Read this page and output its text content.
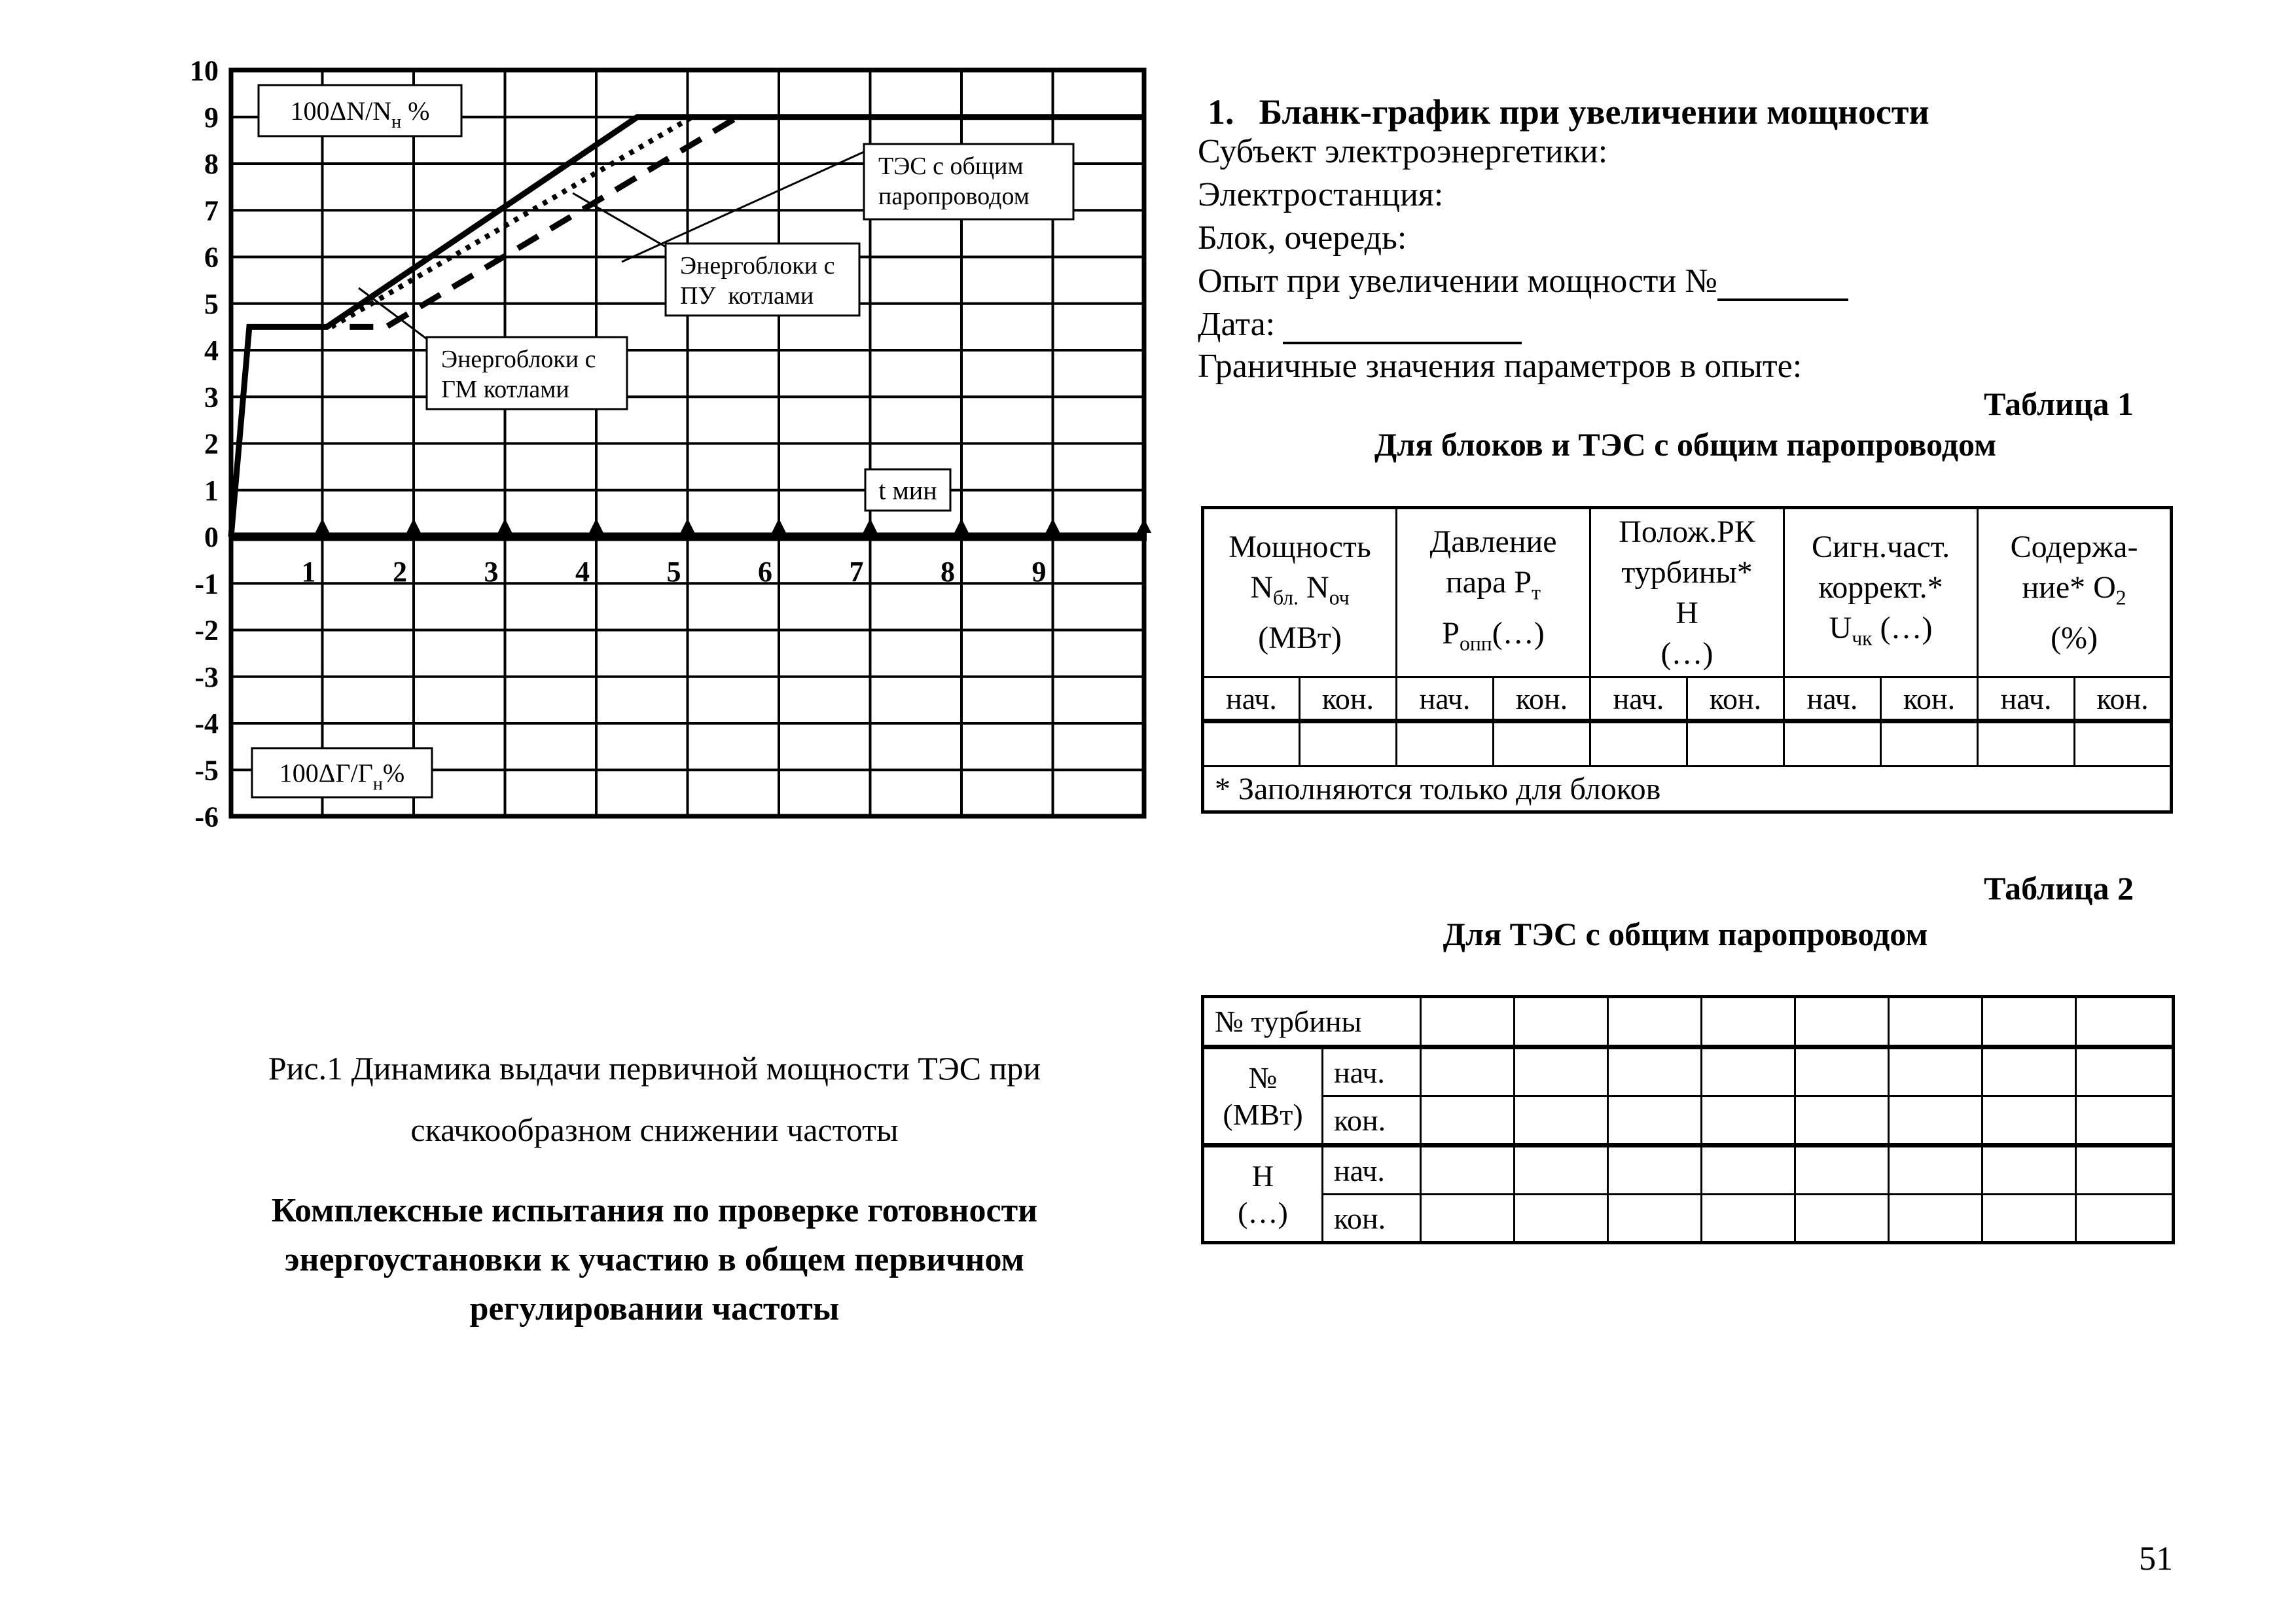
$100\Delta N/N_н$ %
$100\Delta Г/Г_н\%$
t мин
ТЭС с общим
паропроводом
Энергоблоки с
ПУ  котлами
Энергоблоки с
ГМ котлами
10
9
8
7
6
5
4
3
2
1
0
-1
-2
-3
-4
-5
-6
1	2	3	4	5	6	7	8	9
Рис.1 Динамика выдачи первичной мощности ТЭС при
скачкообразном снижении частоты
Комплексные испытания по проверке готовности
энергоустановки к участию в общем первичном
регулировании частоты
1. Бланк-график при увеличении мощности
Субъект электроэнергетики:
Электростанция:
Блок, очередь:
Опыт при увеличении мощности №
Дата:
Граничные значения параметров в опыте:
Таблица 1
Для блоков и ТЭС с общим паропроводом
Мощность
$N_{бл.}$ $N_{оч}$
(МВт)

Давление
пара $Р_т$
$Р_{опп}(\dots)$

Полож.РК
турбины*
Н
(…)

Сигн.част.
коррект.*
$U_{чк}$ (…)

Содержа-
ние* $О_2$
(%)

нач.	кон.	нач.	кон.	нач.	кон.	нач.	кон.	нач.	кон.

* Заполняются только для блоков									
Таблица 2
Для ТЭС с общим паропроводом
№ турбины									

№
(МВт)	нач.								
	кон.								

Н
(…)	нач.								
	кон.								
51
